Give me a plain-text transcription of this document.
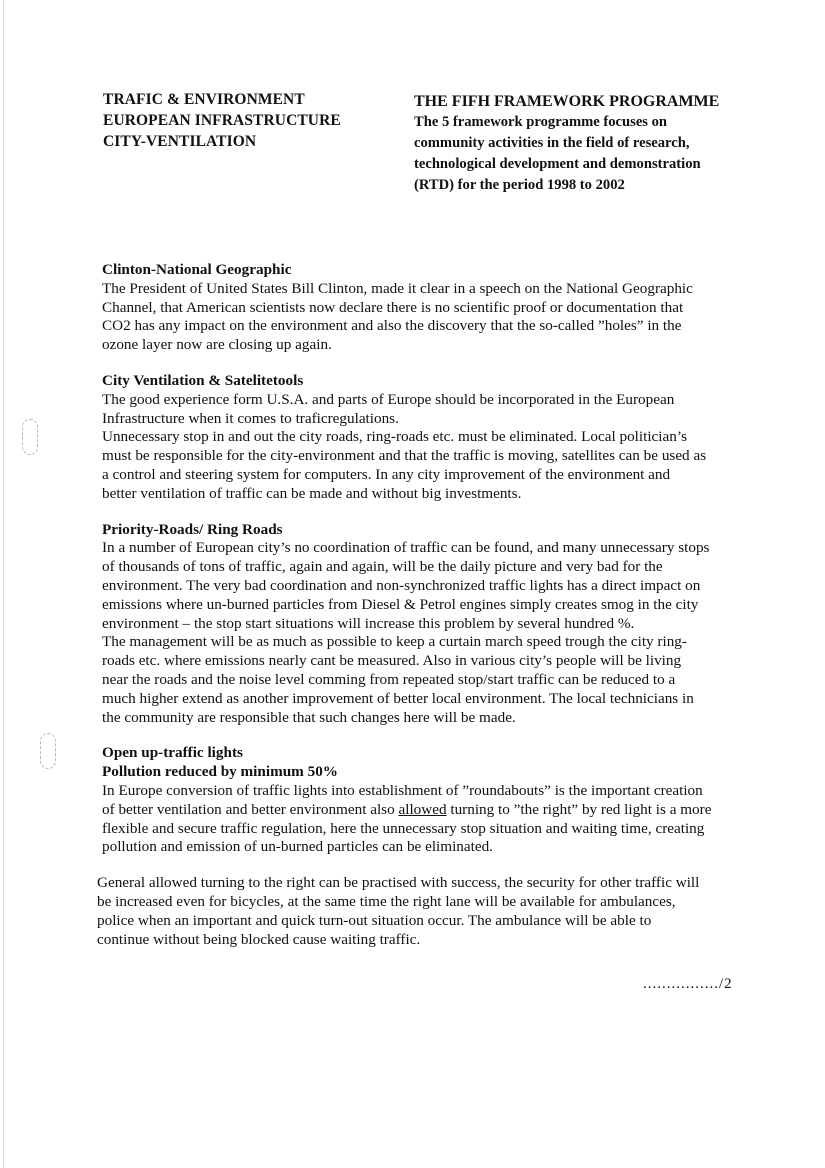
TRAFIC & ENVIRONMENT
EUROPEAN INFRASTRUCTURE
CITY-VENTILATION
THE FIFH FRAMEWORK PROGRAMME
The 5 framework programme focuses on
community activities in the field of research,
technological development and demonstration
(RTD) for the period 1998 to 2002
Clinton-National Geographic

The President of United States Bill Clinton, made it clear in a speech on the National Geographic
Channel, that American scientists now declare there is no scientific proof or documentation that
CO2 has any impact on the environment and also the discovery that the so-called ”holes” in the
ozone layer now are closing up again.

City Ventilation & Satelitetools

The good experience form U.S.A. and parts of Europe should be incorporated in the European
Infrastructure when it comes to traficregulations.
Unnecessary stop in and out the city roads, ring-roads etc. must be eliminated. Local politician’s
must be responsible for the city-environment and that the traffic is moving, satellites can be used as
a control and steering system for computers. In any city improvement of the environment and
better ventilation of traffic can be made and without big investments.

Priority-Roads/ Ring Roads

In a number of European city’s no coordination of traffic can be found, and many unnecessary stops
of thousands of tons of traffic, again and again, will be the daily picture and very bad for the
environment. The very bad coordination and non-synchronized traffic lights has a direct impact on
emissions where un-burned particles from Diesel & Petrol engines simply creates smog in the city
environment – the stop start situations will increase this problem by several hundred %.
The management will be as much as possible to keep a curtain march speed trough the city ring-
roads etc. where emissions nearly cant be measured. Also in various city’s people will be living
near the roads and the noise level comming from repeated stop/start traffic can be reduced to a
much higher extend as another improvement of better local environment. The local technicians in
the community are responsible that such changes here will be made.

Open up-traffic lights
Pollution reduced by minimum 50%

In Europe conversion of traffic lights into establishment of ”roundabouts” is the important creation
of better ventilation and better environment also allowed turning to ”the right” by red light is a more
flexible and secure traffic regulation, here the unnecessary stop situation and waiting time, creating
pollution and emission of un-burned particles can be eliminated.

General allowed turning to the right can be practised with success, the security for other traffic will
be increased even for bicycles, at the same time the right lane will be available for ambulances,
police when an important and quick turn-out situation occur. The ambulance will be able to
continue without being blocked cause waiting traffic.

................/2
